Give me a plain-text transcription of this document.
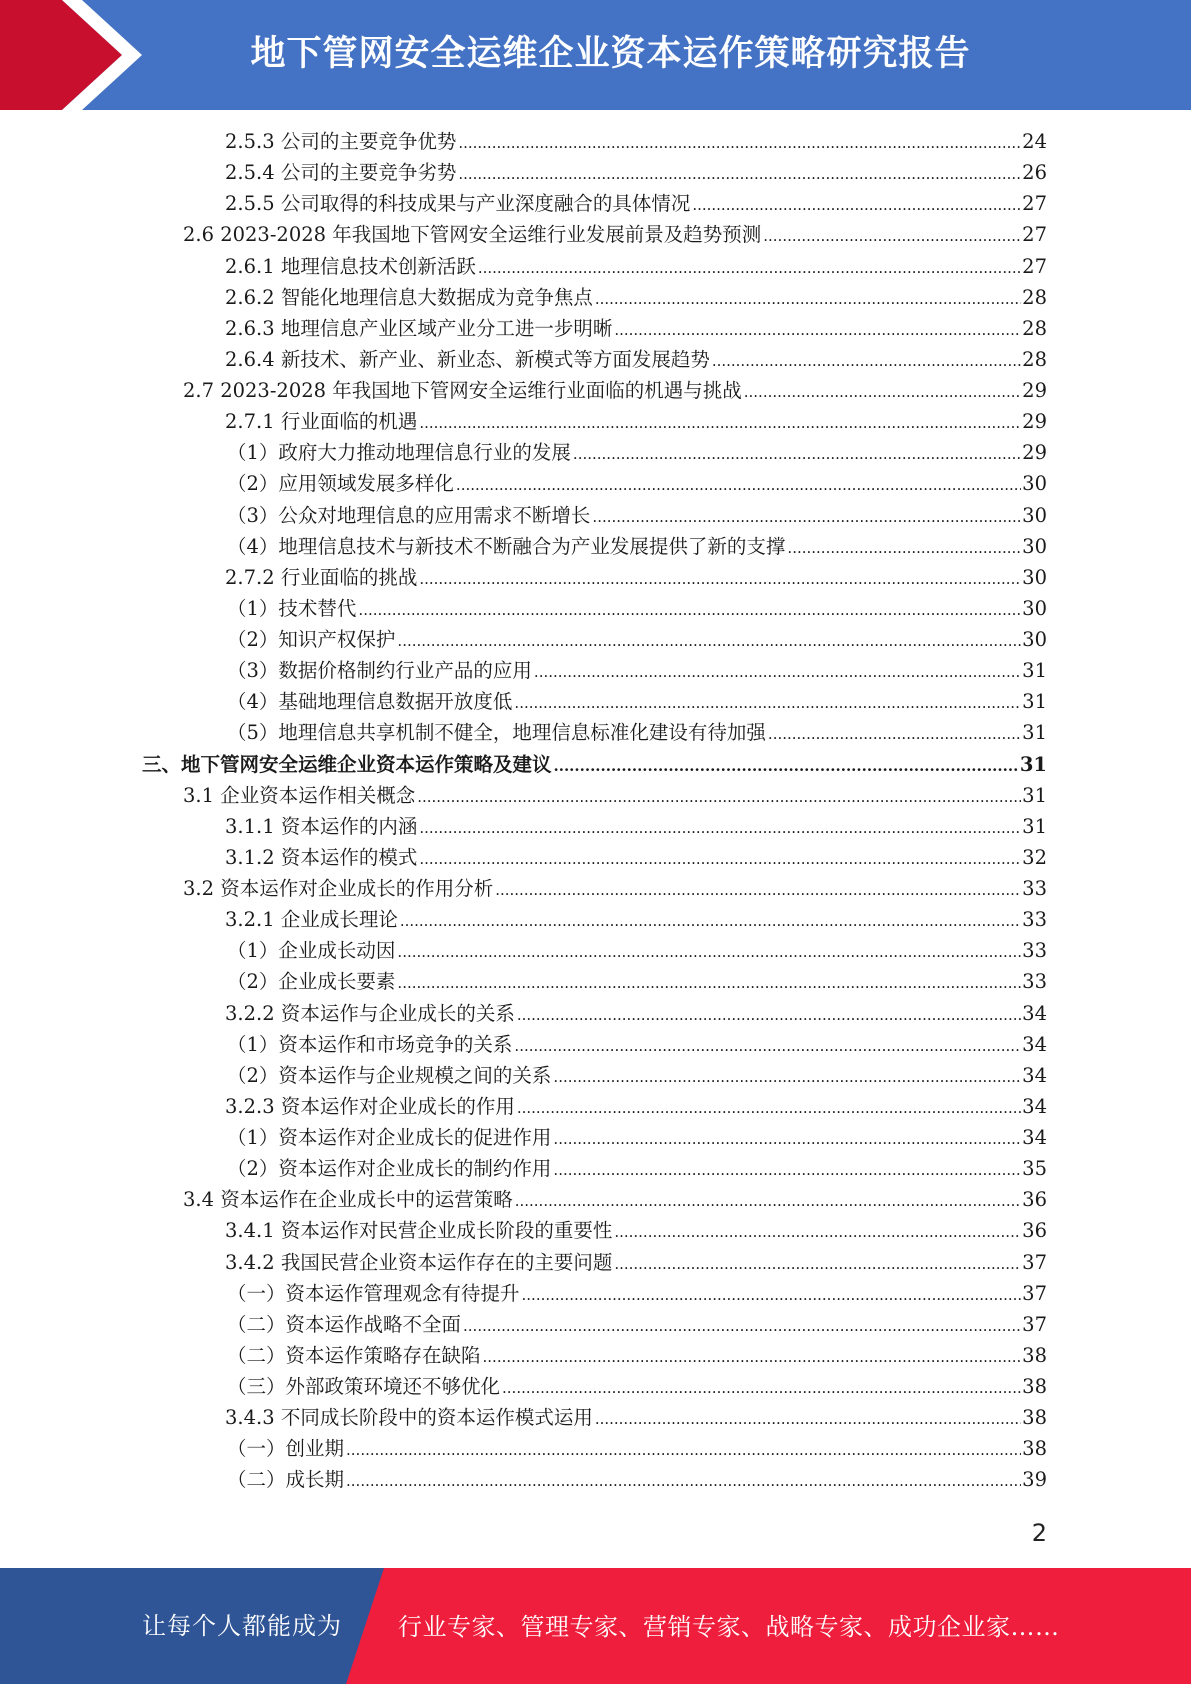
地下管网安全运维企业资本运作策略研究报告
2.5.3 公司的主要竞争优势 .....	24
2.5.4 公司的主要竞争劣势 .....	26
2.5.5 公司取得的科技成果与产业深度融合的具体情况 .....	27
2.6 2023-2028 年我国地下管网安全运维行业发展前景及趋势预测 .....	27
2.6.1 地理信息技术创新活跃 .....	27
2.6.2 智能化地理信息大数据成为竞争焦点 .....	28
2.6.3 地理信息产业区域产业分工进一步明晰 .....	28
2.6.4 新技术、新产业、新业态、新模式等方面发展趋势 .....	28
2.7 2023-2028 年我国地下管网安全运维行业面临的机遇与挑战 .....	29
2.7.1 行业面临的机遇 .....	29
（1）政府大力推动地理信息行业的发展 .....	29
（2）应用领域发展多样化 .....	30
（3）公众对地理信息的应用需求不断增长 .....	30
（4）地理信息技术与新技术不断融合为产业发展提供了新的支撑 .....	30
2.7.2 行业面临的挑战 .....	30
（1）技术替代 .....	30
（2）知识产权保护 .....	30
（3）数据价格制约行业产品的应用 .....	31
（4）基础地理信息数据开放度低 .....	31
（5）地理信息共享机制不健全，地理信息标准化建设有待加强 .....	31
三、地下管网安全运维企业资本运作策略及建议 .....	31
3.1 企业资本运作相关概念 .....	31
3.1.1 资本运作的内涵 .....	31
3.1.2 资本运作的模式 .....	32
3.2 资本运作对企业成长的作用分析 .....	33
3.2.1 企业成长理论 .....	33
（1）企业成长动因 .....	33
（2）企业成长要素 .....	33
3.2.2 资本运作与企业成长的关系 .....	34
（1）资本运作和市场竞争的关系 .....	34
（2）资本运作与企业规模之间的关系 .....	34
3.2.3 资本运作对企业成长的作用 .....	34
（1）资本运作对企业成长的促进作用 .....	34
（2）资本运作对企业成长的制约作用 .....	35
3.4 资本运作在企业成长中的运营策略 .....	36
3.4.1 资本运作对民营企业成长阶段的重要性 .....	36
3.4.2 我国民营企业资本运作存在的主要问题 .....	37
（一）资本运作管理观念有待提升 .....	37
（二）资本运作战略不全面 .....	37
（二）资本运作策略存在缺陷 .....	38
（三）外部政策环境还不够优化 .....	38
3.4.3 不同成长阶段中的资本运作模式运用 .....	38
（一）创业期 .....	38
（二）成长期 .....	39
2
让每个人都能成为 行业专家、管理专家、营销专家、战略专家、成功企业家……
